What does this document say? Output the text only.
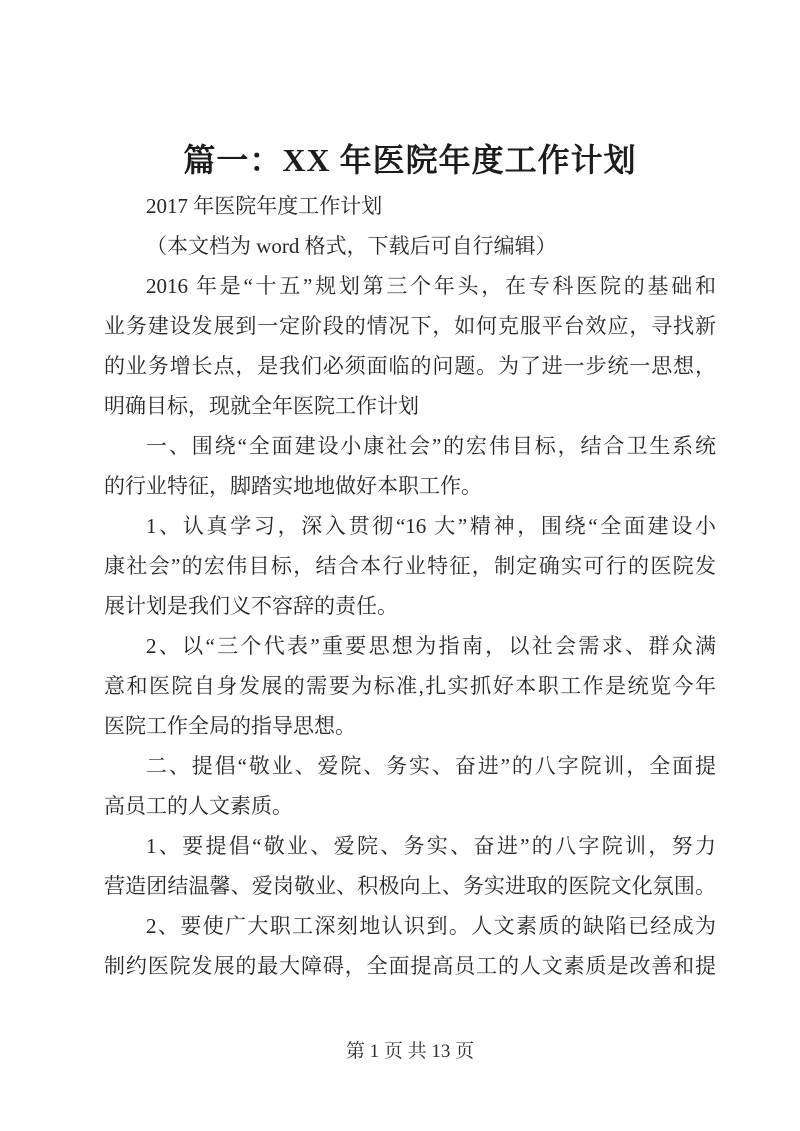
篇一：XX 年医院年度工作计划
2017 年医院年度工作计划
（本文档为 word 格式，下载后可自行编辑）
2016 年是“十五”规划第三个年头，在专科医院的基础和
业务建设发展到一定阶段的情况下，如何克服平台效应，寻找新
的业务增长点，是我们必须面临的问题。为了进一步统一思想，
明确目标，现就全年医院工作计划
一、围绕“全面建设小康社会”的宏伟目标，结合卫生系统
的行业特征，脚踏实地地做好本职工作。
1、认真学习，深入贯彻“16 大”精神，围绕“全面建设小
康社会”的宏伟目标，结合本行业特征，制定确实可行的医院发
展计划是我们义不容辞的责任。
2、以“三个代表”重要思想为指南，以社会需求、群众满
意和医院自身发展的需要为标准,扎实抓好本职工作是统览今年
医院工作全局的指导思想。
二、提倡“敬业、爱院、务实、奋进”的八字院训，全面提
高员工的人文素质。
1、要提倡“敬业、爱院、务实、奋进”的八字院训，努力
营造团结温馨、爱岗敬业、积极向上、务实进取的医院文化氛围。
2、要使广大职工深刻地认识到。人文素质的缺陷已经成为
制约医院发展的最大障碍，全面提高员工的人文素质是改善和提
第 1 页 共 13 页
